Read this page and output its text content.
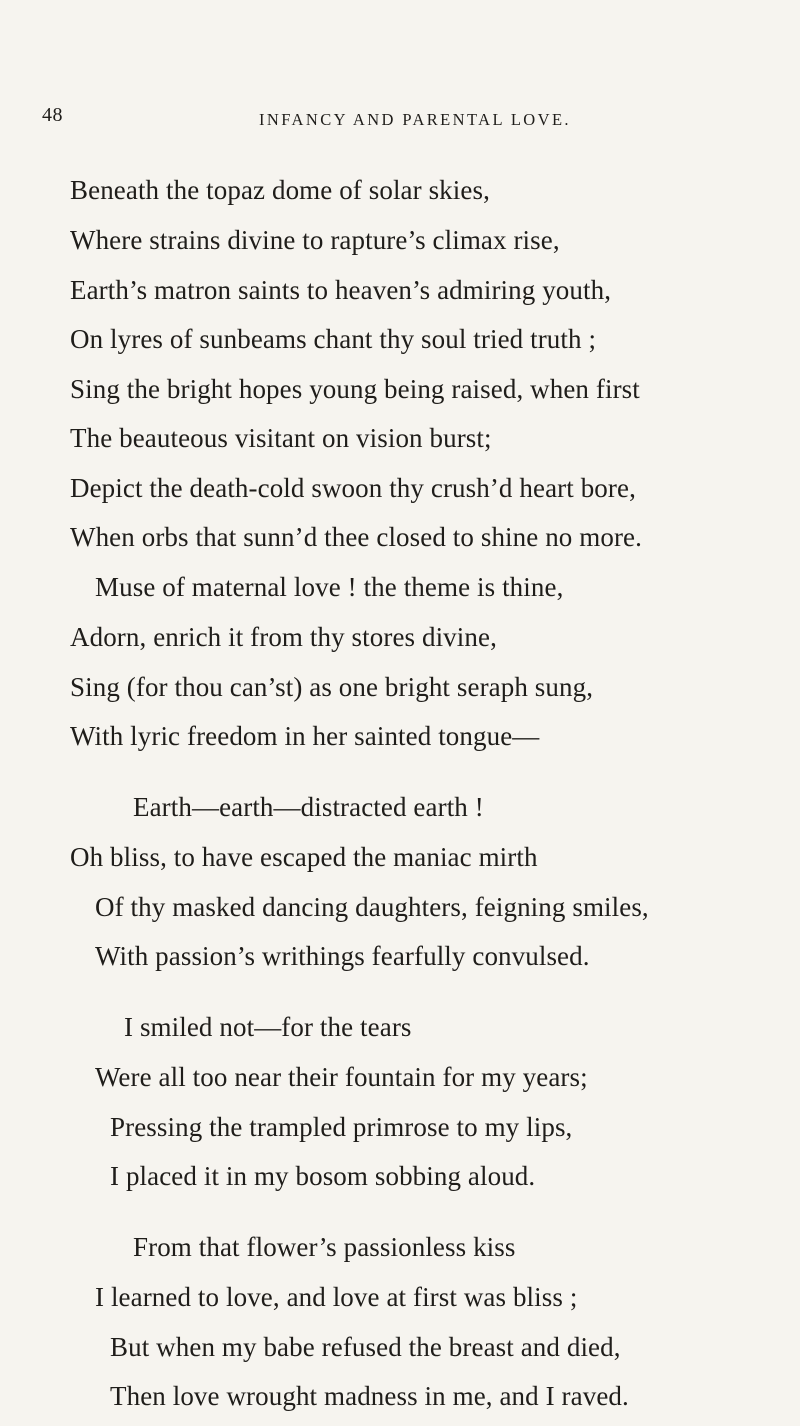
48	INFANCY AND PARENTAL LOVE.
Beneath the topaz dome of solar skies,
Where strains divine to rapture’s climax rise,
Earth’s matron saints to heaven’s admiring youth,
On lyres of sunbeams chant thy soul tried truth ;
Sing the bright hopes young being raised, when first
The beauteous visitant on vision burst;
Depict the death-cold swoon thy crush’d heart bore,
When orbs that sunn’d thee closed to shine no more.
Muse of maternal love ! the theme is thine,
Adorn, enrich it from thy stores divine,
Sing (for thou can’st) as one bright seraph sung,
With lyric freedom in her sainted tongue—
Earth—earth—distracted earth !
Oh bliss, to have escaped the maniac mirth
Of thy masked dancing daughters, feigning smiles,
With passion’s writhings fearfully convulsed.
I smiled not—for the tears
Were all too near their fountain for my years;
Pressing the trampled primrose to my lips,
I placed it in my bosom sobbing aloud.
From that flower’s passionless kiss
I learned to love, and love at first was bliss ;
But when my babe refused the breast and died,
Then love wrought madness in me, and I raved.
